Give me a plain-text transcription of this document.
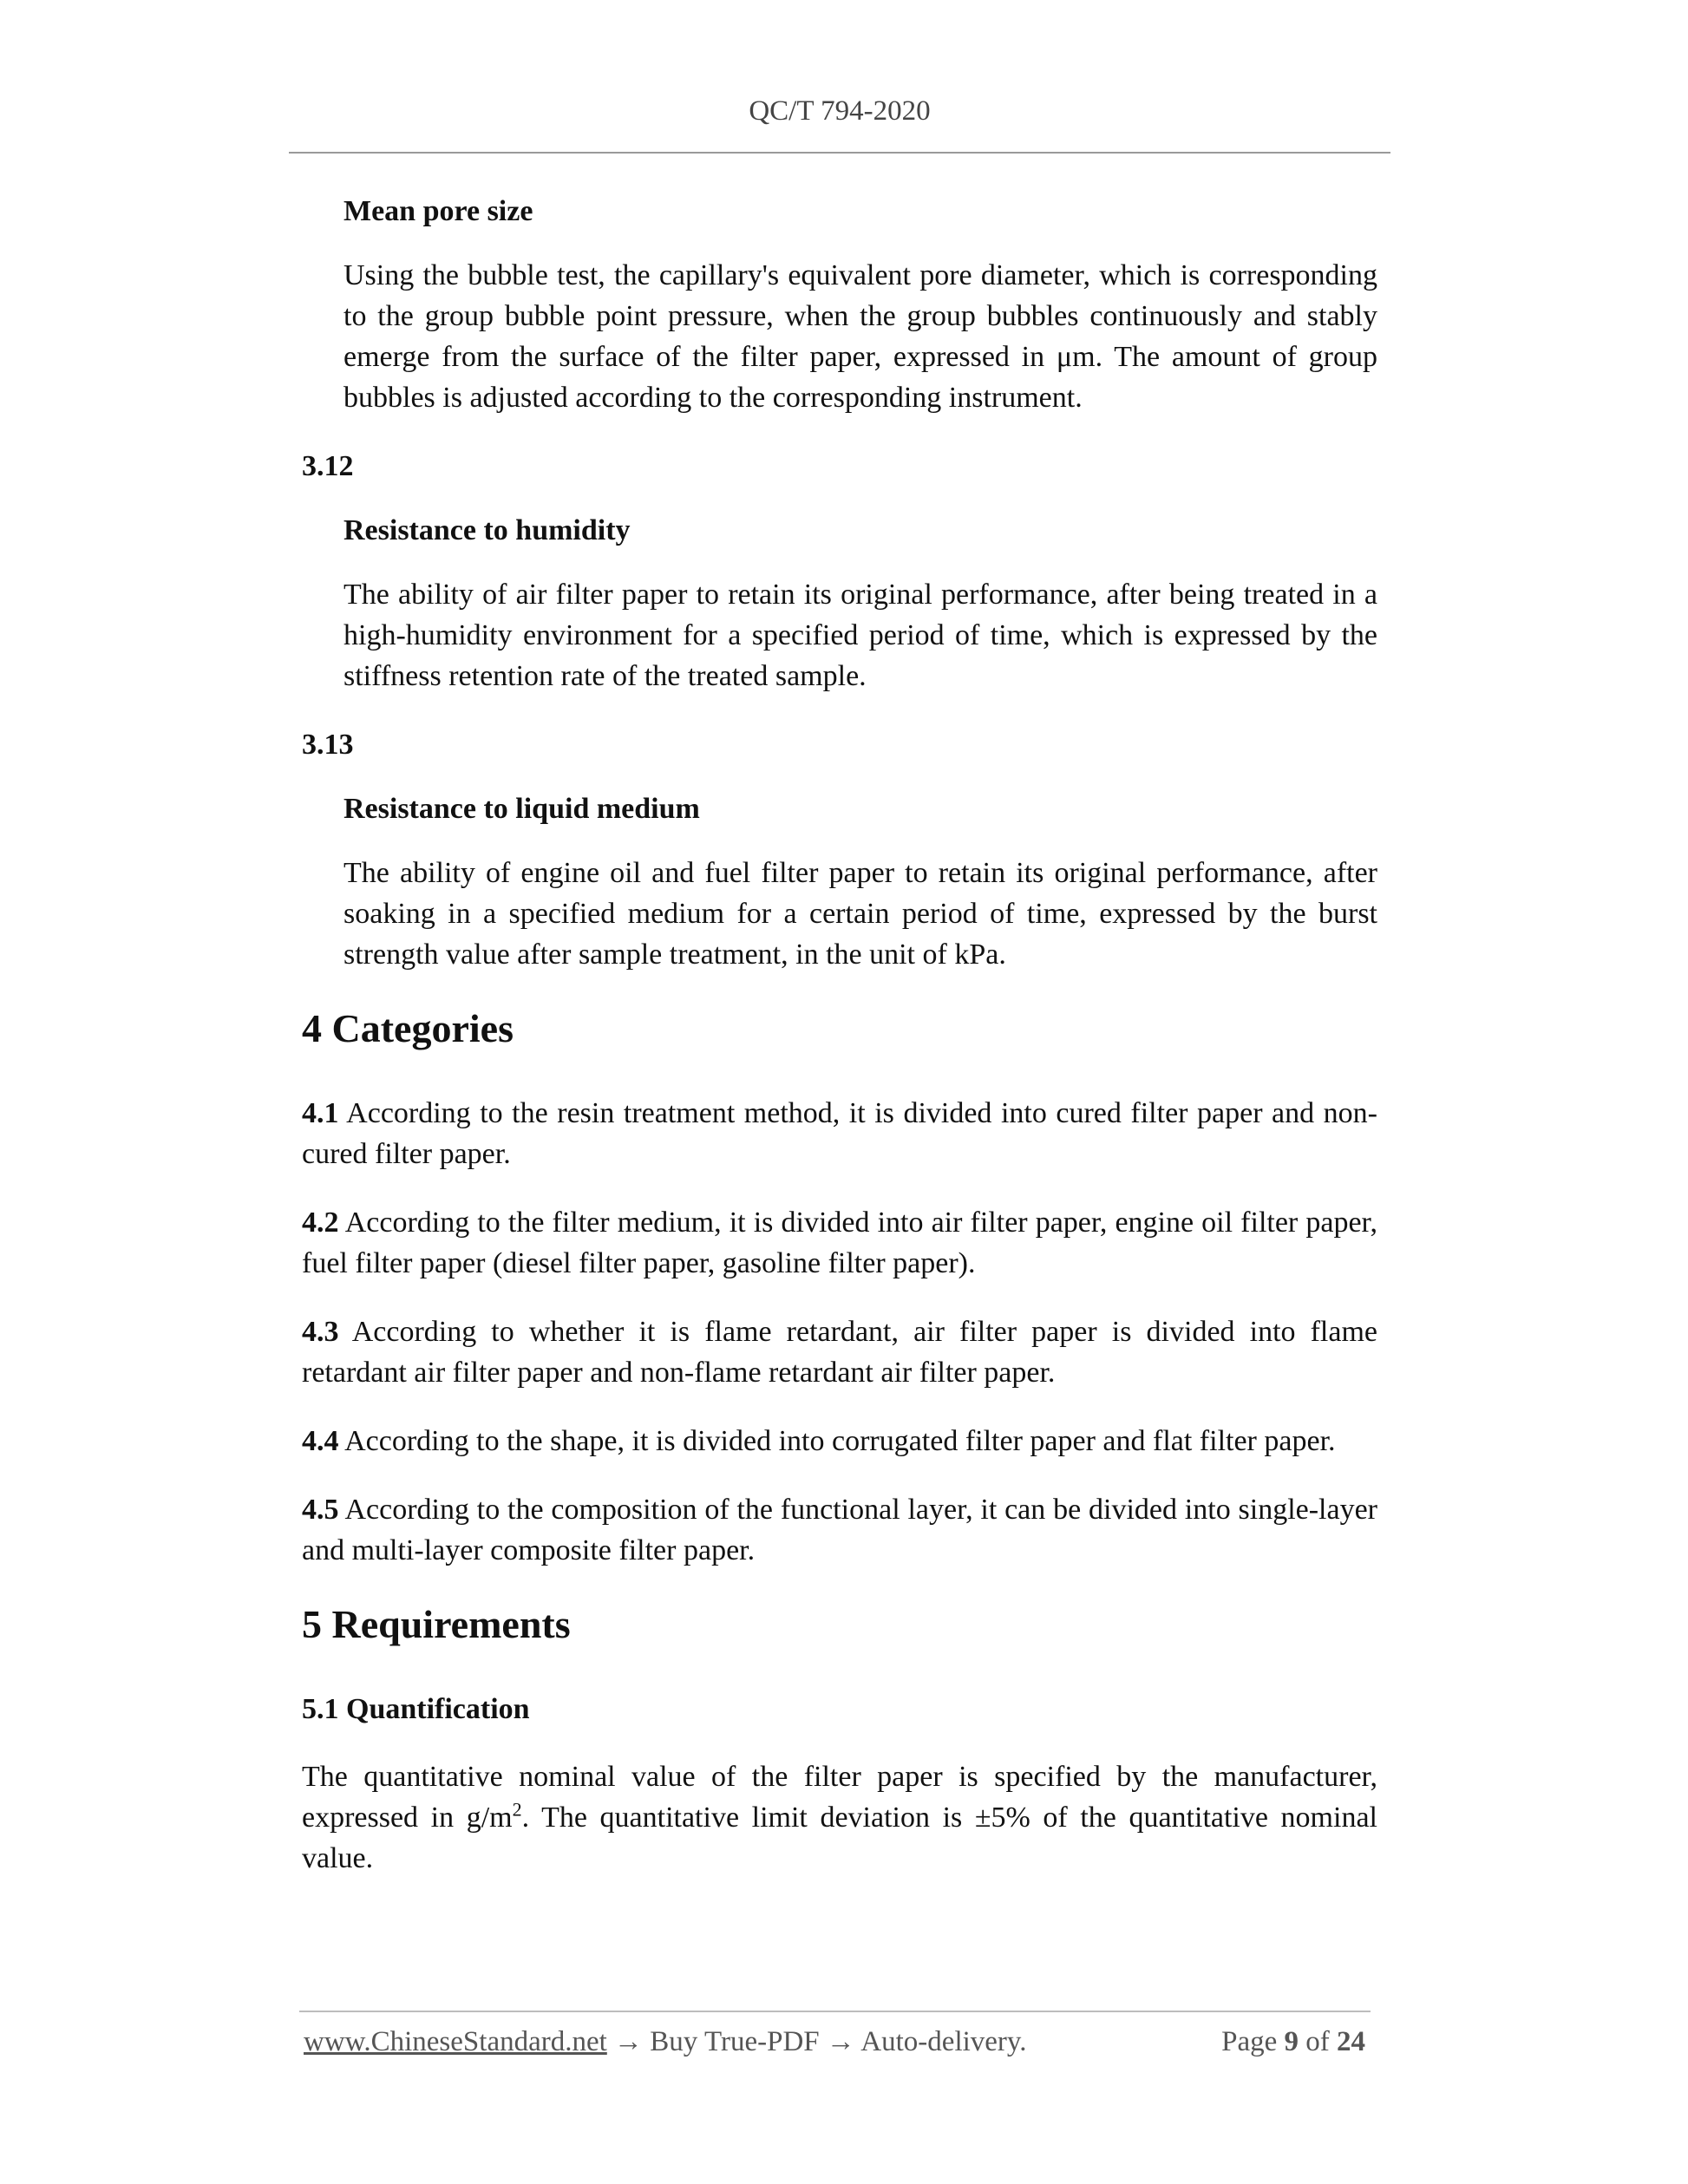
QC/T 794-2020
Mean pore size
Using the bubble test, the capillary's equivalent pore diameter, which is corresponding to the group bubble point pressure, when the group bubbles continuously and stably emerge from the surface of the filter paper, expressed in μm. The amount of group bubbles is adjusted according to the corresponding instrument.
3.12
Resistance to humidity
The ability of air filter paper to retain its original performance, after being treated in a high-humidity environment for a specified period of time, which is expressed by the stiffness retention rate of the treated sample.
3.13
Resistance to liquid medium
The ability of engine oil and fuel filter paper to retain its original performance, after soaking in a specified medium for a certain period of time, expressed by the burst strength value after sample treatment, in the unit of kPa.
4 Categories
4.1 According to the resin treatment method, it is divided into cured filter paper and non-cured filter paper.
4.2 According to the filter medium, it is divided into air filter paper, engine oil filter paper, fuel filter paper (diesel filter paper, gasoline filter paper).
4.3 According to whether it is flame retardant, air filter paper is divided into flame retardant air filter paper and non-flame retardant air filter paper.
4.4 According to the shape, it is divided into corrugated filter paper and flat filter paper.
4.5 According to the composition of the functional layer, it can be divided into single-layer and multi-layer composite filter paper.
5 Requirements
5.1 Quantification
The quantitative nominal value of the filter paper is specified by the manufacturer, expressed in $g/m^2$. The quantitative limit deviation is ±5% of the quantitative nominal value.
www.ChineseStandard.net → Buy True-PDF → Auto-delivery.	Page 9 of 24
